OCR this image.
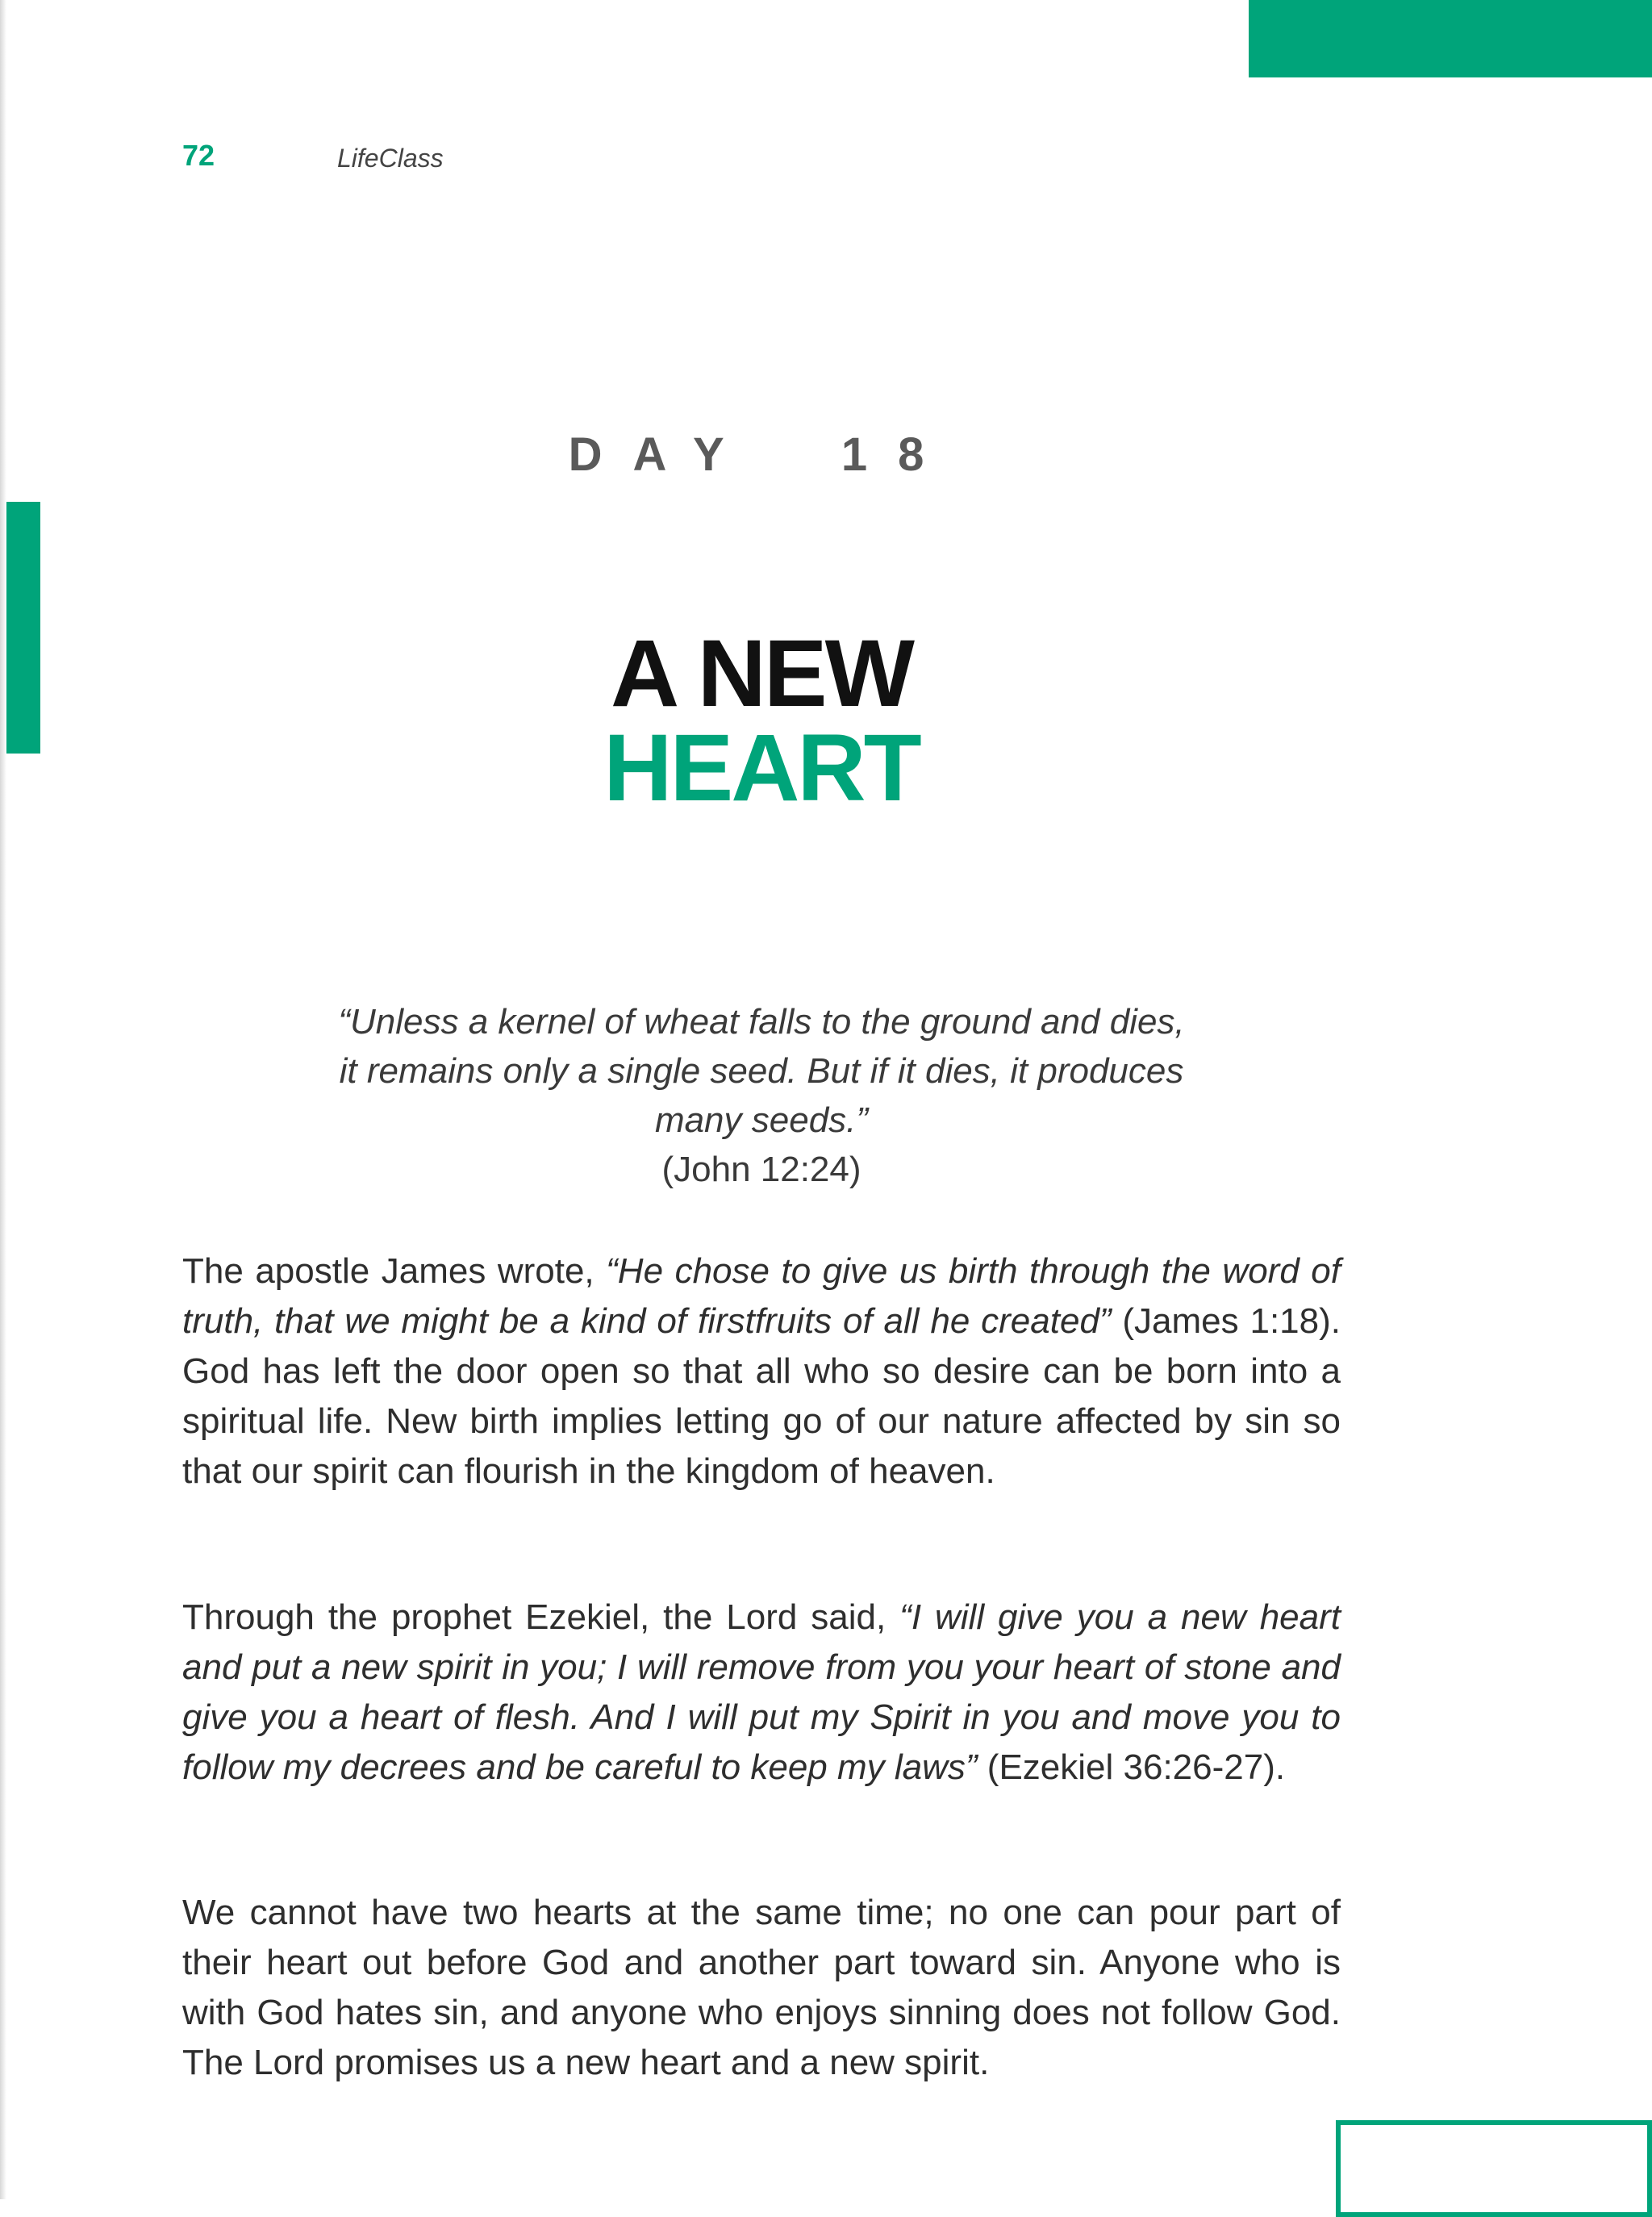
72	LifeClass
DAY  18
A NEW
HEART
“Unless a kernel of wheat falls to the ground and dies,
it remains only a single seed. But if it dies, it produces
many seeds.”
(John 12:24)
The apostle James wrote, “He chose to give us birth through the word of truth, that we might be a kind of firstfruits of all he created” (James 1:18). God has left the door open so that all who so desire can be born into a spiritual life. New birth implies letting go of our nature affected by sin so that our spirit can flourish in the kingdom of heaven.
Through the prophet Ezekiel, the Lord said, “I will give you a new heart and put a new spirit in you; I will remove from you your heart of stone and give you a heart of flesh. And I will put my Spirit in you and move you to follow my decrees and be careful to keep my laws” (Ezekiel 36:26-27).
We cannot have two hearts at the same time; no one can pour part of their heart out before God and another part toward sin. Anyone who is with God hates sin, and anyone who enjoys sinning does not follow God. The Lord promises us a new heart and a new spirit.
